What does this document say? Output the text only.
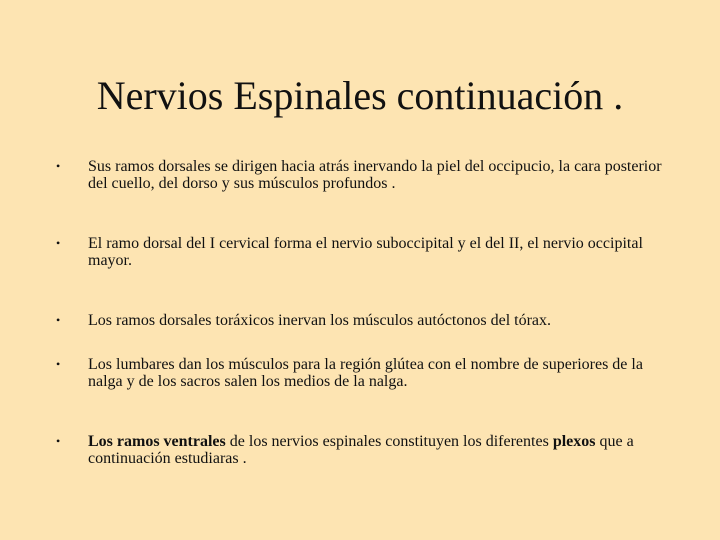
Nervios Espinales continuación .
• Sus ramos dorsales se dirigen hacia atrás inervando la piel del occipucio, la cara posterior del cuello, del dorso y sus músculos profundos .
• El ramo dorsal del I cervical forma el nervio suboccipital y el del II, el nervio occipital mayor.
• Los ramos dorsales toráxicos inervan los músculos autóctonos del tórax.
• Los lumbares dan los músculos para la región glútea con el nombre de superiores de la nalga y de los sacros salen los medios de la nalga.
• Los ramos ventrales de los nervios espinales constituyen los diferentes plexos que a continuación estudiaras .
